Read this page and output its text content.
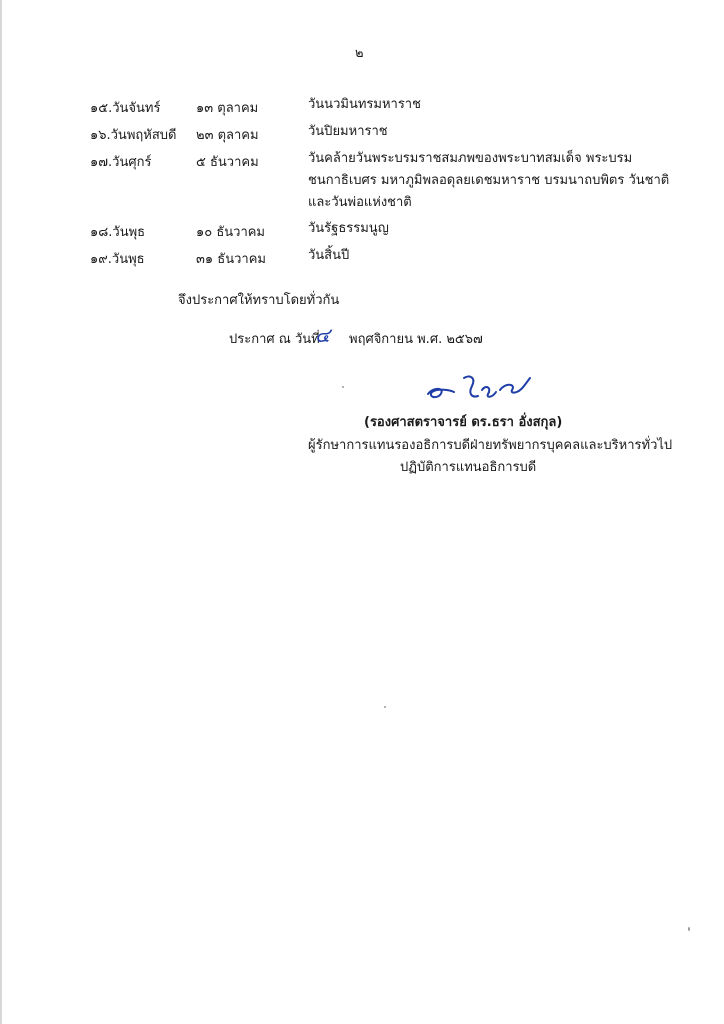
๒
๑๕.วันจันทร์	๑๓ ตุลาคม	วันนวมินทรมหาราช
๑๖.วันพฤหัสบดี ๒๓ ตุลาคม	วันปิยมหาราช
๑๗.วันศุกร์	๕ ธันวาคม	วันคล้ายวันพระบรมราชสมภพของพระบาทสมเด็จ พระบรม
ชนกาธิเบศร มหาภูมิพลอดุลยเดชมหาราช บรมนาถบพิตร วันชาติ
และวันพ่อแห่งชาติ
๑๘.วันพุธ	๑๐ ธันวาคม	วันรัฐธรรมนูญ
๑๙.วันพุธ	๓๑ ธันวาคม	วันสิ้นปี
จึงประกาศให้ทราบโดยทั่วกัน
ประกาศ ณ วันที่
๔ พฤศจิกายน พ.ศ. ๒๕๖๗
(รองศาสตราจารย์ ดร.ธรา อั่งสกุล)
ผู้รักษาการแทนรองอธิการบดีฝ่ายทรัพยากรบุคคลและบริหารทั่วไป
ปฏิบัติการแทนอธิการบดี
